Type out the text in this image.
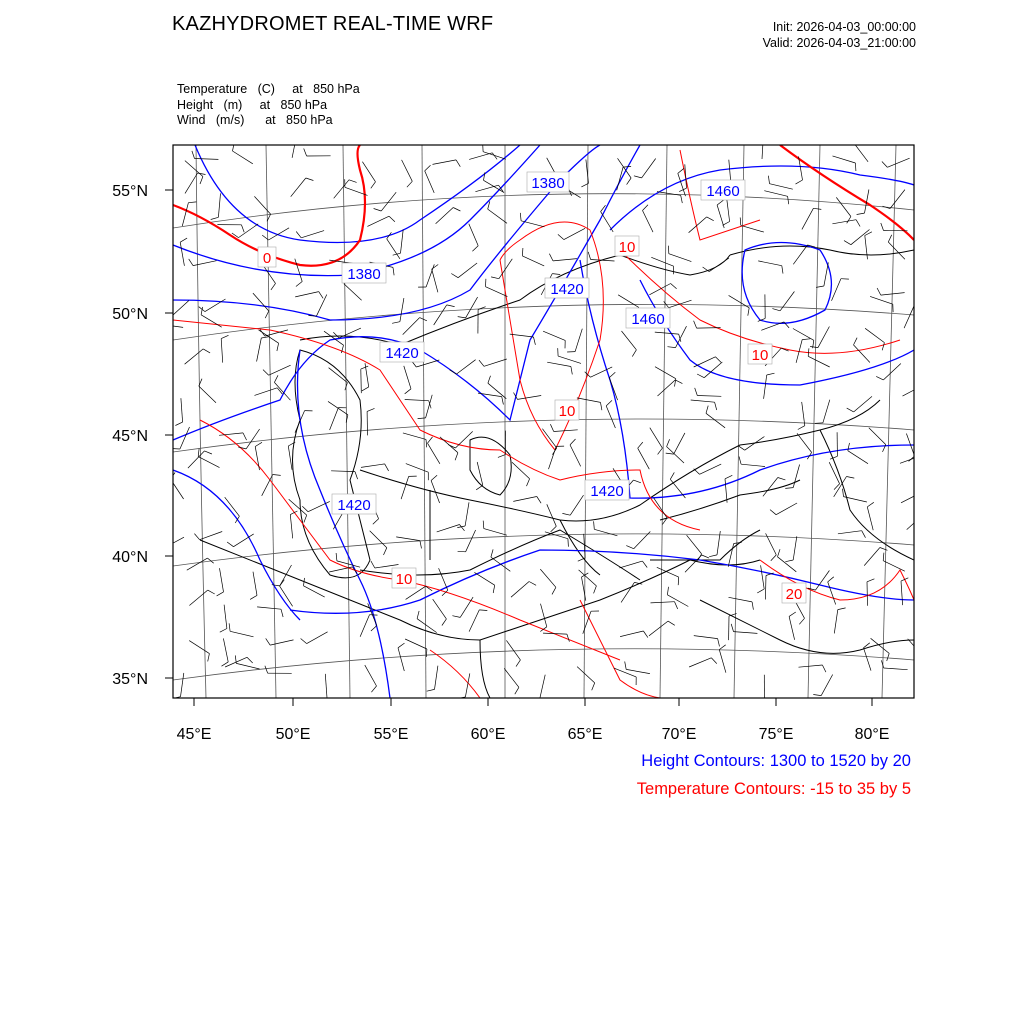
KAZHYDROMET REAL-TIME WRF	Init: 2026-04-03_00:00:00
Valid: 2026-04-03_21:00:00
Temperature   (C)     at   850 hPa
Height   (m)     at   850 hPa
Wind   (m/s)      at   850 hPa
1380	1460
1380
1420
1460
1420
1420
1420
0
10
10
10
10
20
55°N
50°N
45°N
40°N
35°N
45°E	50°E	55°E	60°E	65°E	70°E	75°E	80°E
Height Contours: 1300 to 1520 by 20
Temperature Contours: -15 to 35 by 5
